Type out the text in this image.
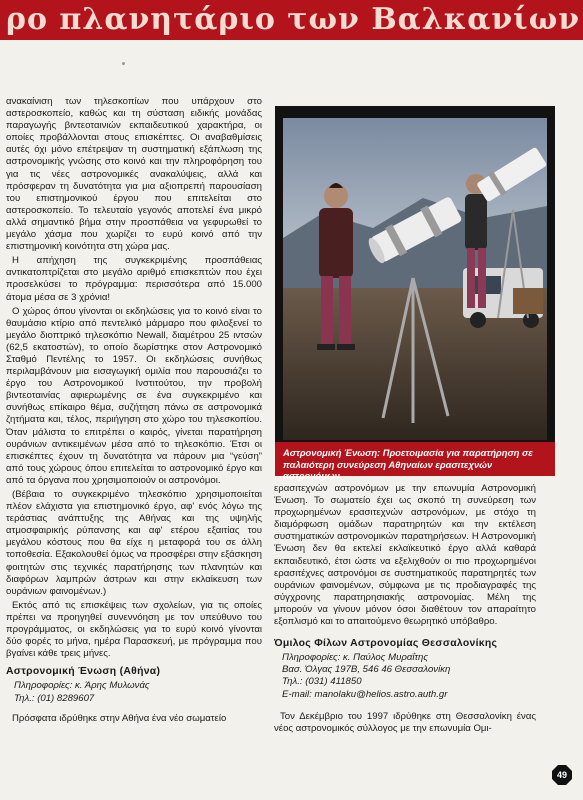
ρο πλανητάριο των Βαλκανίων

ανακαίνιση των τηλεσκοπίων που υπάρχουν στο αστεροσκοπείο, καθώς και τη σύσταση ειδικής μονάδας παραγωγής βιντεοταινιών εκπαιδευτικού χαρακτήρα, οι οποίες προβάλλονται στους επισκέπτες. Οι αναβαθμίσεις αυτές όχι μόνο επέτρεψαν τη συστηματική εξάπλωση της αστρονομικής γνώσης στο κοινό και την πληροφόρηση του για τις νέες αστρονομικές ανακαλύψεις, αλλά και πρόσφεραν τη δυνατότητα για μια αξιοπρεπή παρουσίαση του επιστημονικού έργου που επιτελείται στο αστεροσκοπείο. Το τελευταίο γεγονός αποτελεί ένα μικρό αλλά σημαντικό βήμα στην προσπάθεια να γεφυρωθεί το μεγάλο χάσμα που χωρίζει το ευρύ κοινό από την επιστημονική κοινότητα στη χώρα μας.

Η απήχηση της συγκεκριμένης προσπάθειας αντικατοπτρίζεται στο μεγάλο αριθμό επισκεπτών που έχει προσελκύσει το πρόγραμμα: περισσότερα από 15.000 άτομα μέσα σε 3 χρόνια!

Ο χώρος όπου γίνονται οι εκδηλώσεις για το κοινό είναι το θαυμάσιο κτίριο από πεντελικό μάρμαρο που φιλοξενεί το μεγάλο διοπτρικό τηλεσκόπιο Newall, διαμέτρου 25 ιντσών (62,5 εκατοστών), το οποίο δωρίστηκε στον Αστρονομικό Σταθμό Πεντέλης το 1957. Οι εκδηλώσεις συνήθως περιλαμβάνουν μια εισαγωγική ομιλία που παρουσιάζει το έργο του Αστρονομικού Ινστιτούτου, την προβολή βιντεοταινίας αφιερωμένης σε ένα συγκεκριμένο και συνήθως επίκαιρο θέμα, συζήτηση πάνω σε αστρονομικά ζητήματα και, τέλος, περιήγηση στο χώρο του τηλεσκοπίου. Όταν μάλιστα το επιτρέπει ο καιρός, γίνεται παρατήρηση ουράνιων αντικειμένων μέσα από το τηλεσκόπιο. Έτσι οι επισκέπτες έχουν τη δυνατότητα να πάρουν μια “γεύση” από τους χώρους όπου επιτελείται το αστρονομικό έργο και από τα όργανα που χρησιμοποιούν οι αστρονόμοι.

(Βέβαια το συγκεκριμένο τηλεσκόπιο χρησιμοποιείται πλέον ελάχιστα για επιστημονικό έργο, αφ' ενός λόγω της τεράστιας ανάπτυξης της Αθήνας και της υψηλής ατμοσφαιρικής ρύπανσης και αφ' ετέρου εξαιτίας του μεγάλου κόστους που θα είχε η μεταφορά του σε άλλη τοποθεσία. Εξακολουθεί όμως να προσφέρει στην εξάσκηση φοιτητών στις τεχνικές παρατήρησης των πλανητών και διαφόρων λαμπρών άστρων και στην εκλαίκευση των ουράνιων φαινομένων.)

Εκτός από τις επισκέψεις των σχολείων, για τις οποίες πρέπει να προηγηθεί συνεννόηση με τον υπεύθυνο του προγράμματος, οι εκδηλώσεις για το ευρύ κοινό γίνονται δύο φορές το μήνα, ημέρα Παρασκευή, με πρόγραμμα που βγαίνει κάθε τρεις μήνες.

Αστρονομική Ένωση (Αθήνα)

Πληροφορίες: κ. Άρης Μυλωνάς

Τηλ.: (01) 8289607

Πρόσφατα ιδρύθηκε στην Αθήνα ένα νέο σωματείο

Αστρονομική Ένωση: Προετοιμασία για παρατήρηση σε παλαιότερη συνεύρεση Αθηναίων ερασιτεχνών αστρονόμων.

ερασιτεχνών αστρονόμων με την επωνυμία Αστρονομική Ένωση. Το σωματείο έχει ως σκοπό τη συνεύρεση των προχωρημένων ερασιτεχνών αστρονόμων, με στόχο τη διαμόρφωση ομάδων παρατηρητών και την εκτέλεση συστηματικών αστρονομικών παρατηρήσεων. Η Αστρονομική Ένωση δεν θα εκτελεί εκλαϊκευτικό έργο αλλά καθαρά εκπαιδευτικό, έτσι ώστε να εξελιχθούν οι πιο προχωρημένοι ερασιτέχνες αστρονόμοι σε συστηματικούς παρατηρητές των ουράνιων φαινομένων, σύμφωνα με τις προδιαγραφές της σύγχρονης παρατηρησιακής αστρονομίας. Μέλη της μπορούν να γίνουν μόνον όσοι διαθέτουν τον απαραίτητο εξοπλισμό και το απαιτούμενο θεωρητικό υπόβαθρο.

Όμιλος Φίλων Αστρονομίας Θεσσαλονίκης

Πληροφορίες: κ. Παύλος Μυραΐτης

Βασ. Όλγας 197Β, 546 46 Θεσσαλονίκη

Τηλ.: (031) 411850

E-mail: manolaku@helios.astro.auth.gr

Τον Δεκέμβριο του 1997 ιδρύθηκε στη Θεσσαλονίκη ένας νέος αστρονομικός σύλλογος με την επωνυμία Ομι-

49
